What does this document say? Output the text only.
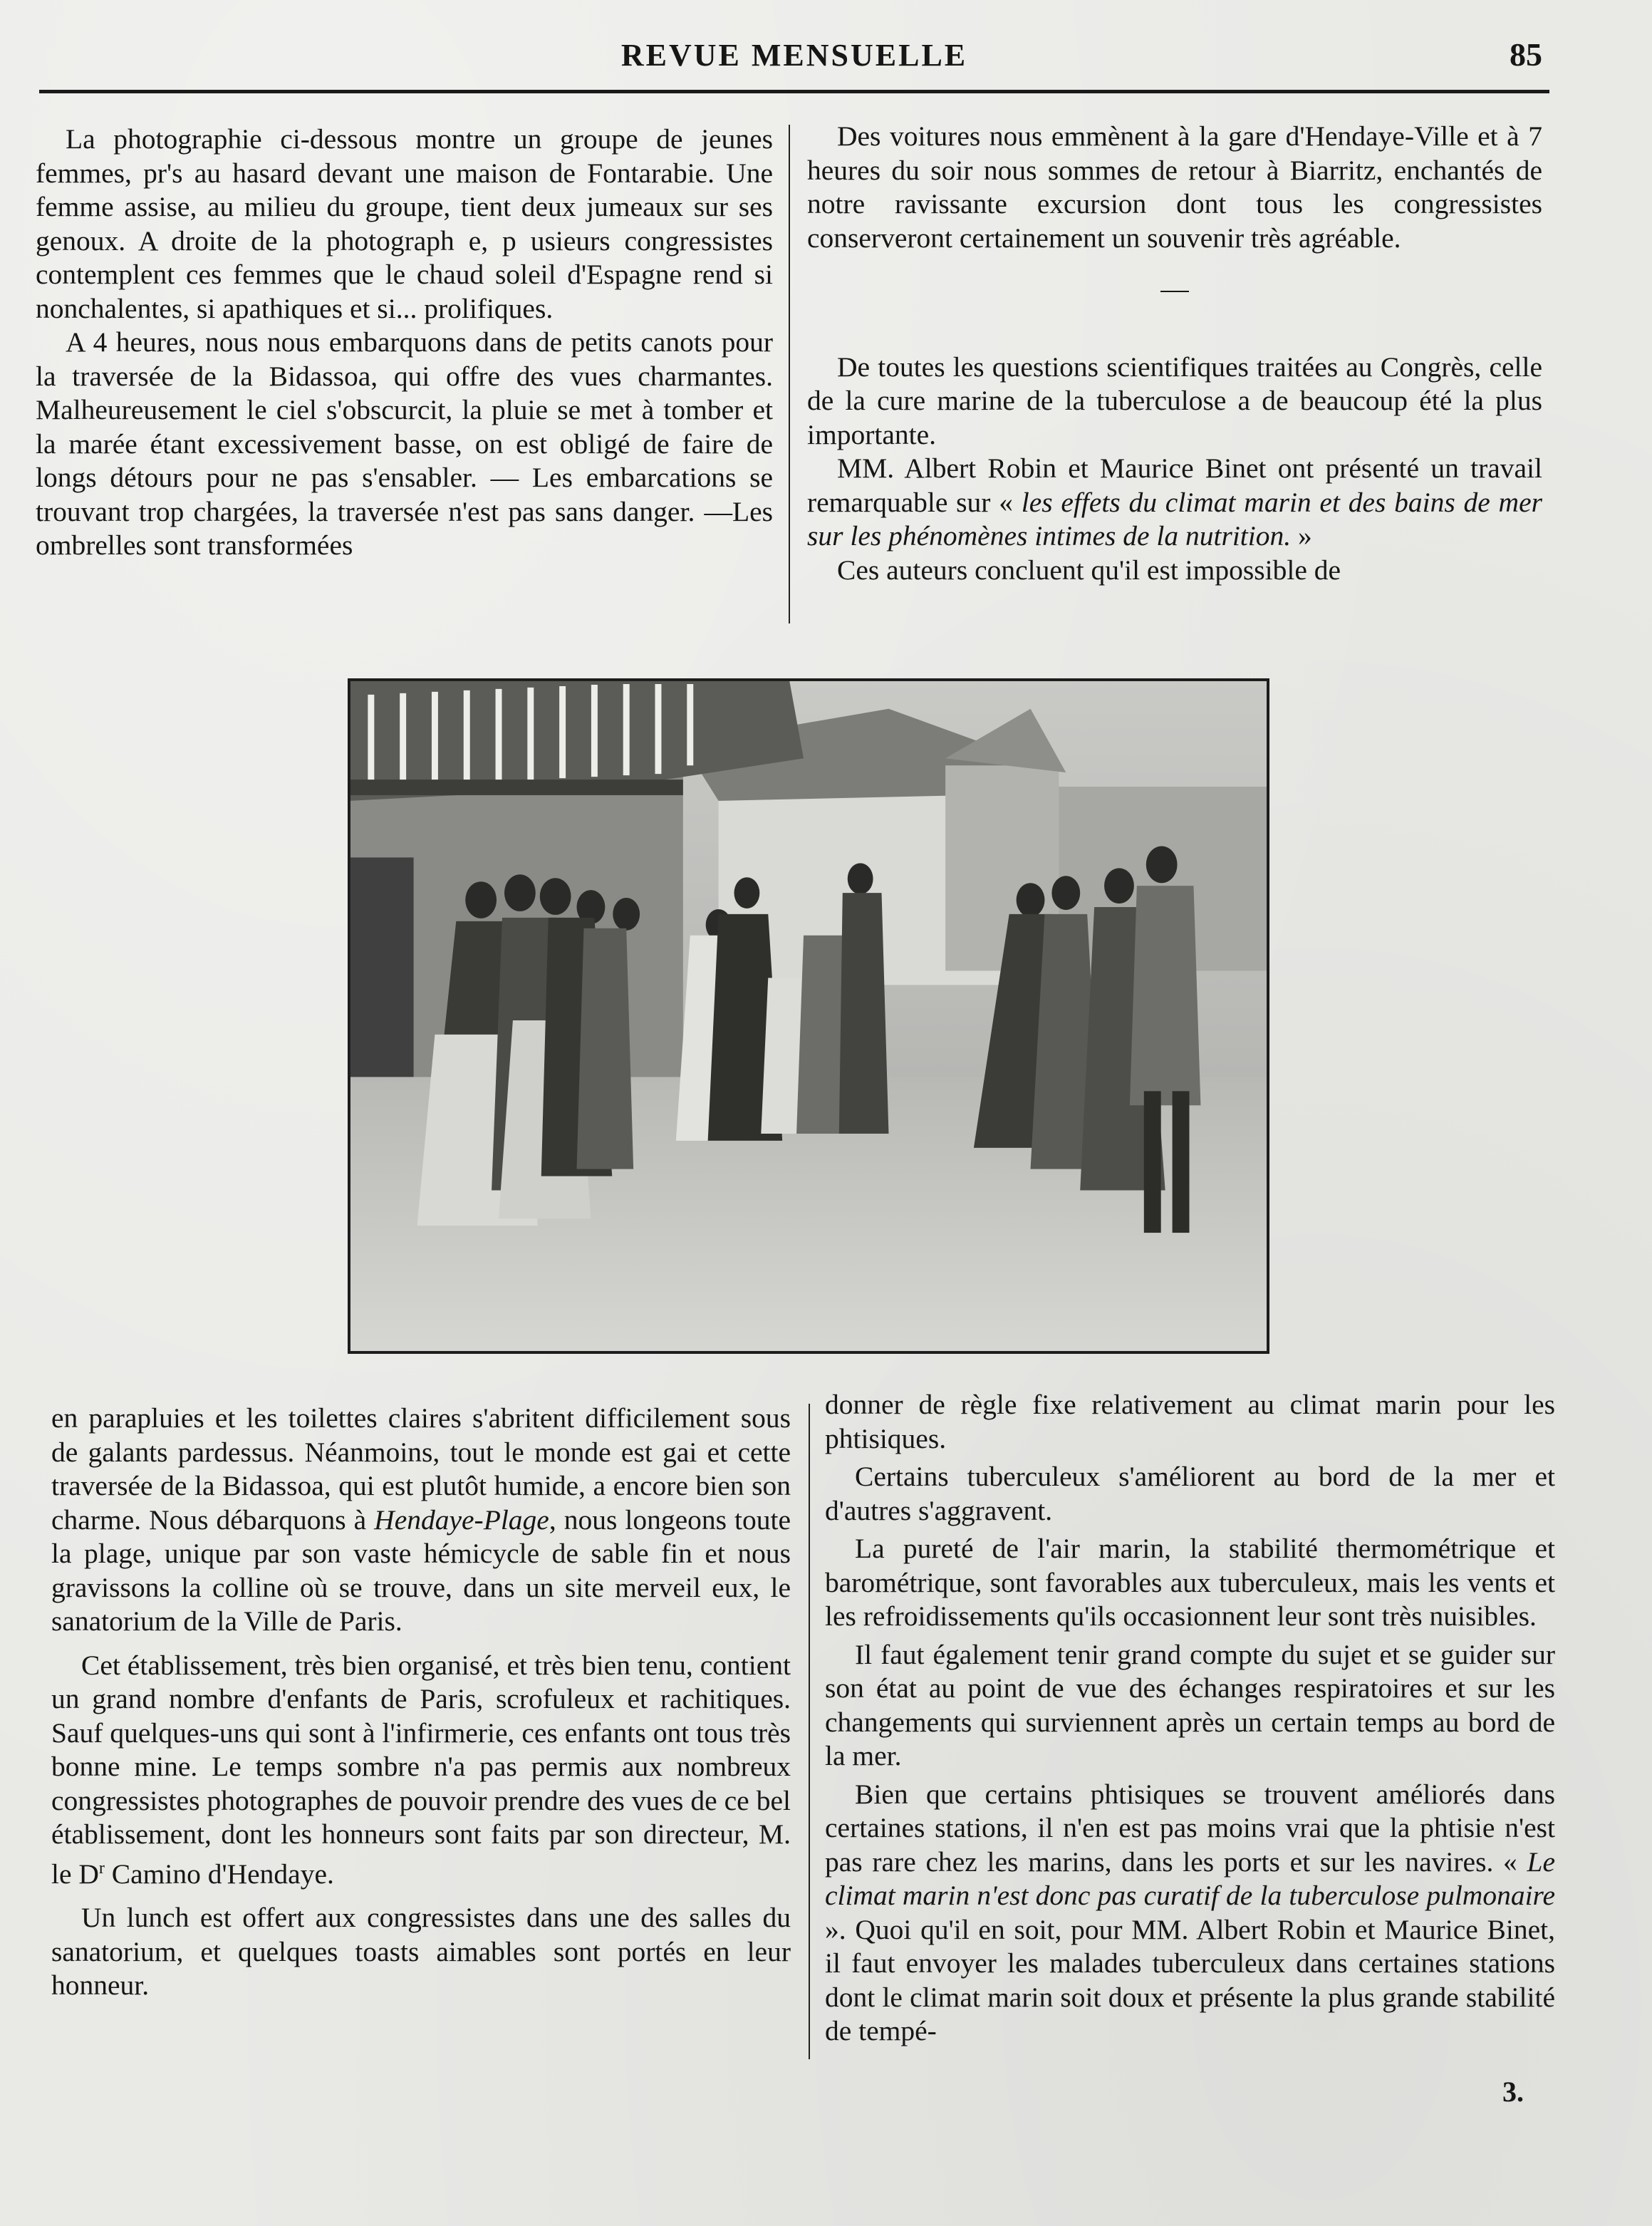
REVUE MENSUELLE	85

La photographie ci-dessous montre un groupe de jeunes femmes, pr's au hasard devant une maison de Fontarabie. Une femme assise, au milieu du groupe, tient deux jumeaux sur ses genoux. A droite de la photograph e, p usieurs congressistes contemplent ces femmes que le chaud soleil d'Espagne rend si nonchalentes, si apathiques et si... prolifiques.

A 4 heures, nous nous embarquons dans de petits canots pour la traversée de la Bidassoa, qui offre des vues charmantes. Malheureusement le ciel s'obscurcit, la pluie se met à tomber et la marée étant excessivement basse, on est obligé de faire de longs détours pour ne pas s'ensabler. — Les embarcations se trouvant trop chargées, la traversée n'est pas sans danger. —Les ombrelles sont transformées

Des voitures nous emmènent à la gare d'Hendaye-Ville et à 7 heures du soir nous sommes de retour à Biarritz, enchantés de notre ravissante excursion dont tous les congressistes conserveront certainement un souvenir très agréable.

—

De toutes les questions scientifiques traitées au Congrès, celle de la cure marine de la tuberculose a de beaucoup été la plus importante.

MM. Albert Robin et Maurice Binet ont présenté un travail remarquable sur « les effets du climat marin et des bains de mer sur les phénomènes intimes de la nutrition. »

Ces auteurs concluent qu'il est impossible de

en parapluies et les toilettes claires s'abritent difficilement sous de galants pardessus. Néanmoins, tout le monde est gai et cette traversée de la Bidassoa, qui est plutôt humide, a encore bien son charme. Nous débarquons à Hendaye-Plage, nous longeons toute la plage, unique par son vaste hémicycle de sable fin et nous gravissons la colline où se trouve, dans un site merveil eux, le sanatorium de la Ville de Paris.

Cet établissement, très bien organisé, et très bien tenu, contient un grand nombre d'enfants de Paris, scrofuleux et rachitiques. Sauf quelques-uns qui sont à l'infirmerie, ces enfants ont tous très bonne mine. Le temps sombre n'a pas permis aux nombreux congressistes photographes de pouvoir prendre des vues de ce bel établissement, dont les honneurs sont faits par son directeur, M. le $D^r$ Camino d'Hendaye.

Un lunch est offert aux congressistes dans une des salles du sanatorium, et quelques toasts aimables sont portés en leur honneur.

donner de règle fixe relativement au climat marin pour les phtisiques.

Certains tuberculeux s'améliorent au bord de la mer et d'autres s'aggravent.

La pureté de l'air marin, la stabilité thermométrique et barométrique, sont favorables aux tuberculeux, mais les vents et les refroidissements qu'ils occasionnent leur sont très nuisibles.

Il faut également tenir grand compte du sujet et se guider sur son état au point de vue des échanges respiratoires et sur les changements qui surviennent après un certain temps au bord de la mer.

Bien que certains phtisiques se trouvent améliorés dans certaines stations, il n'en est pas moins vrai que la phtisie n'est pas rare chez les marins, dans les ports et sur les navires. « Le climat marin n'est donc pas curatif de la tuberculose pulmonaire ». Quoi qu'il en soit, pour MM. Albert Robin et Maurice Binet, il faut envoyer les malades tuberculeux dans certaines stations dont le climat marin soit doux et présente la plus grande stabilité de tempé-

3.
